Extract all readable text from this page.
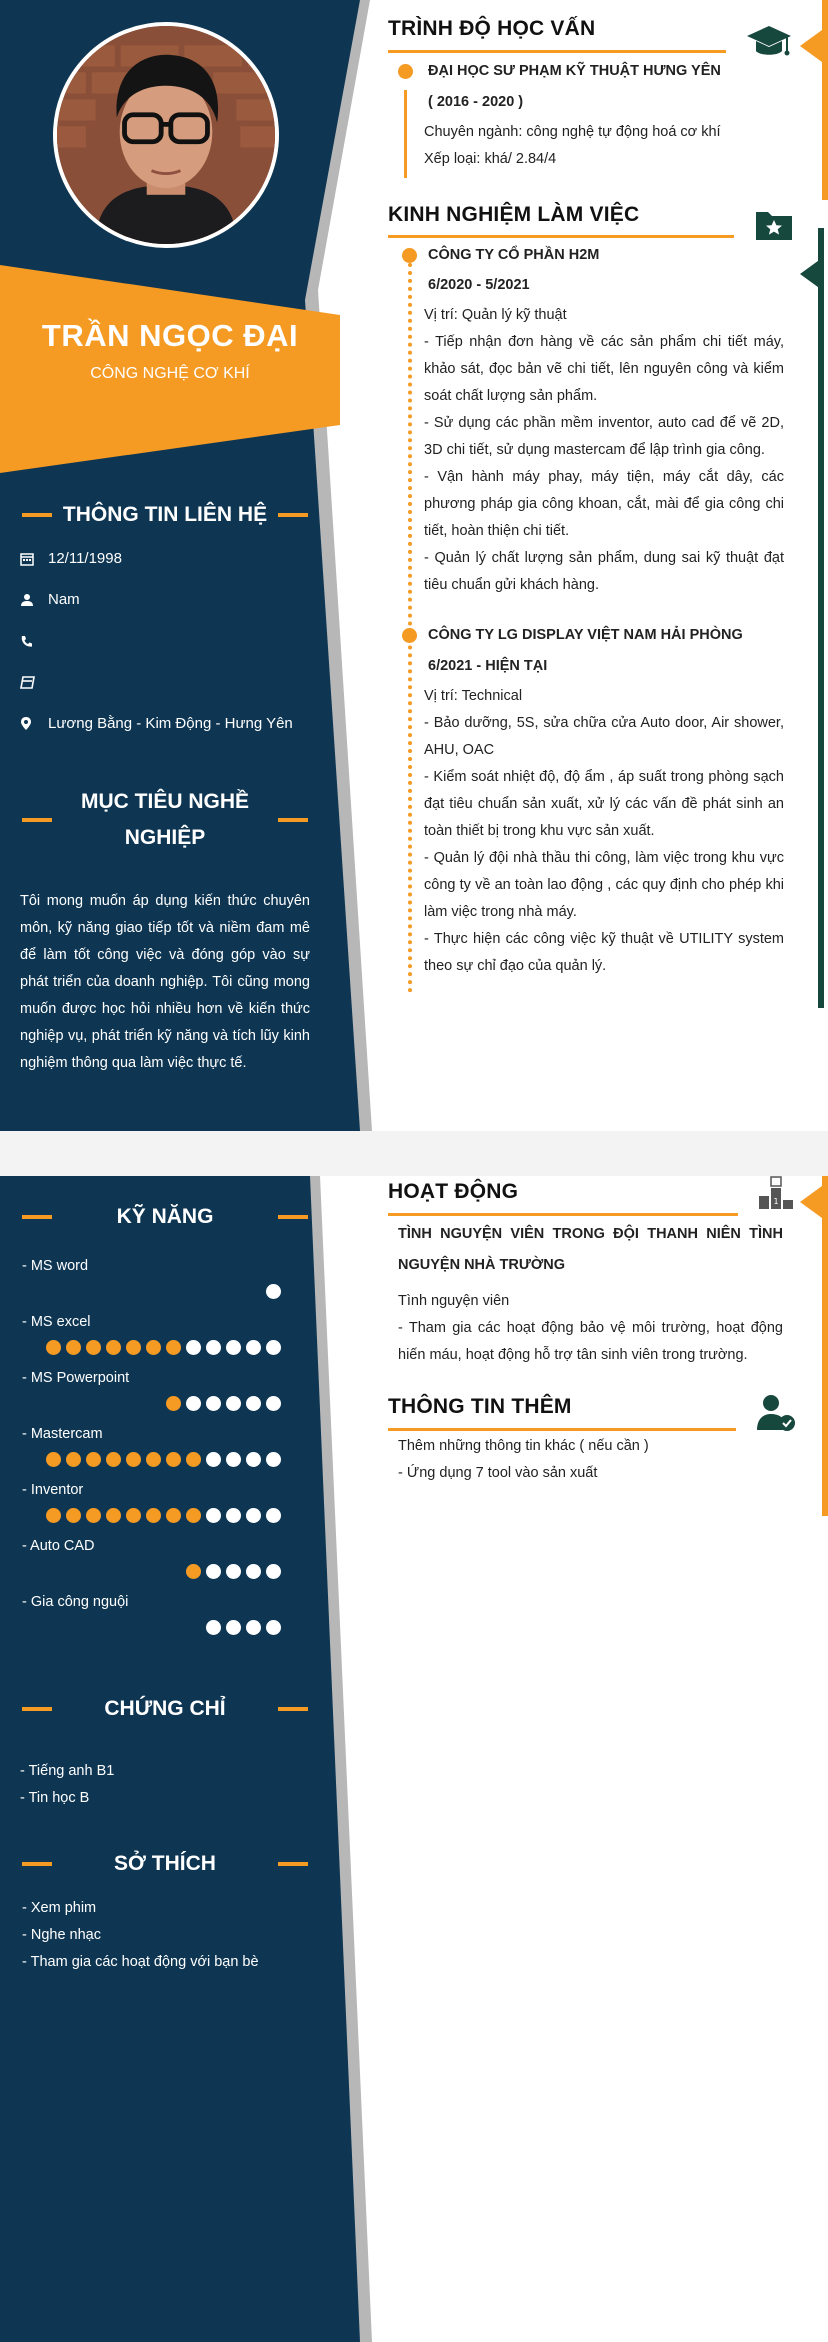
TRẦN NGỌC ĐẠI
CÔNG NGHỆ CƠ KHÍ
THÔNG TIN LIÊN HỆ
12/11/1998
Nam
Lương Bằng - Kim Động - Hưng Yên
MỤC TIÊU NGHỀ
NGHIỆP
Tôi mong muốn áp dụng kiến thức chuyên môn, kỹ năng giao tiếp tốt và niềm đam mê để làm tốt công việc và đóng góp vào sự phát triển của doanh nghiệp. Tôi cũng mong muốn được học hỏi nhiều hơn về kiến thức nghiệp vụ, phát triển kỹ năng và tích lũy kinh nghiệm thông qua làm việc thực tế.
TRÌNH ĐỘ HỌC VẤN
ĐẠI HỌC SƯ PHẠM KỸ THUẬT HƯNG YÊN
( 2016 - 2020 )
Chuyên ngành: công nghệ tự động hoá cơ khí
Xếp loại: khá/ 2.84/4
KINH NGHIỆM LÀM VIỆC
CÔNG TY CỔ PHẦN H2M
6/2020 - 5/2021
Vị trí: Quản lý kỹ thuật
- Tiếp nhận đơn hàng về các sản phẩm chi tiết máy, khảo sát, đọc bản vẽ chi tiết, lên nguyên công và kiểm soát chất lượng sản phẩm.
- Sử dụng các phần mềm inventor, auto cad để vẽ 2D, 3D chi tiết, sử dụng mastercam để lập trình gia công.
- Vận hành máy phay, máy tiện, máy cắt dây, các phương pháp gia công khoan, cắt, mài để gia công chi tiết, hoàn thiện chi tiết.
- Quản lý chất lượng sản phẩm, dung sai kỹ thuật đạt tiêu chuẩn gửi khách hàng.
CÔNG TY LG DISPLAY VIỆT NAM HẢI PHÒNG
6/2021 - HIỆN TẠI
Vị trí: Technical
- Bảo dưỡng, 5S, sửa chữa cửa Auto door, Air shower, AHU, OAC
- Kiểm soát nhiệt độ, độ ẩm , áp suất trong phòng sạch đạt tiêu chuẩn sản xuất, xử lý các vấn đề phát sinh an toàn thiết bị trong khu vực sản xuất.
- Quản lý đội nhà thầu thi công, làm việc trong khu vực công ty về an toàn lao động , các quy định cho phép khi làm việc trong nhà máy.
- Thực hiện các công việc kỹ thuật về UTILITY system theo sự chỉ đạo của quản lý.
KỸ NĂNG
- MS word
- MS excel
- MS Powerpoint
- Mastercam
- Inventor
- Auto CAD
- Gia công nguội
CHỨNG CHỈ
- Tiếng anh B1
- Tin học B
SỞ THÍCH
- Xem phim
- Nghe nhạc
- Tham gia các hoạt động với bạn bè
HOẠT ĐỘNG	1
TÌNH NGUYỆN VIÊN TRONG ĐỘI THANH NIÊN TÌNH NGUYỆN NHÀ TRƯỜNG
Tình nguyện viên
- Tham gia các hoạt động bảo vệ môi trường, hoạt động hiến máu, hoạt động hỗ trợ tân sinh viên trong trường.
THÔNG TIN THÊM
Thêm những thông tin khác ( nếu cần )
- Ứng dụng 7 tool vào sản xuất
